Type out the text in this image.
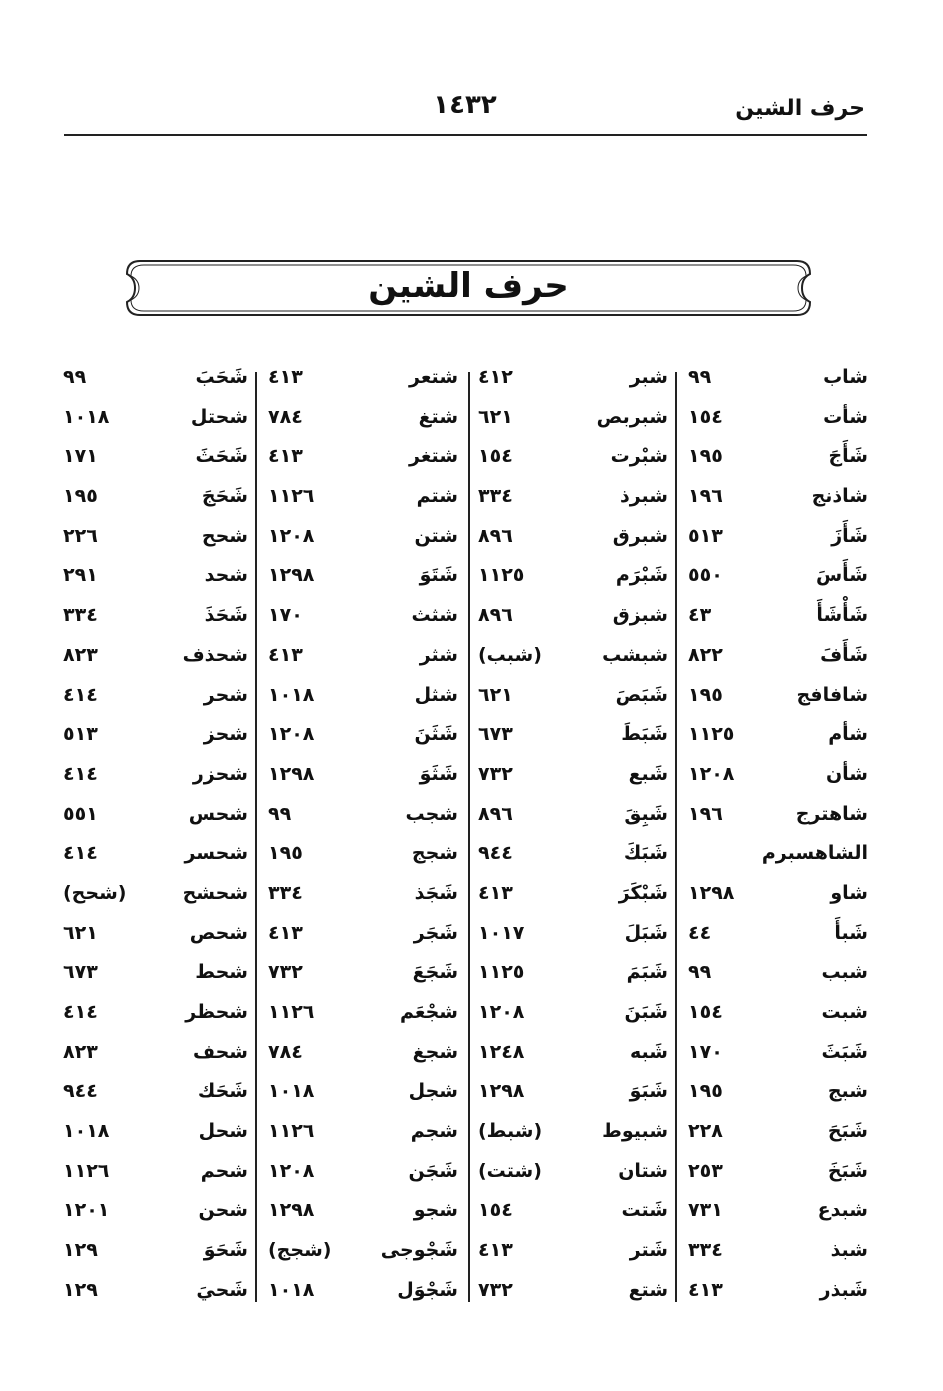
حرف الشين
١٤٣٢
حرف الشين
شاب
٩٩
شأت
١٥٤
شَأَجَ
١٩٥
شاذنج
١٩٦
شَأَزَ
٥١٣
شَأَسَ
٥٥٠
شَأْشَأَ
٤٣
شَأَفَ
٨٢٢
شافافج
١٩٥
شأم
١١٢٥
شأن
١٢٠٨
شاهترج
١٩٦
الشاهسبرم
شاو
١٢٩٨
شَبأَ
٤٤
شبب
٩٩
شبت
١٥٤
شَبَثَ
١٧٠
شبج
١٩٥
شَبَحَ
٢٢٨
شَبَخَ
٢٥٣
شبدع
٧٣١
شبذ
٣٣٤
شَبذر
٤١٣
شبر
٤١٢
شبربص
٦٢١
شبْرت
١٥٤
شبرذ
٣٣٤
شبرق
٨٩٦
شَبْرَم
١١٢٥
شبزق
٨٩٦
شبشب
(شبب)
شَبَصَ
٦٢١
شَبَطَ
٦٧٣
شَبع
٧٣٢
شَبِقَ
٨٩٦
شَبَكَ
٩٤٤
شَبْكَرَ
٤١٣
شَبَلَ
١٠١٧
شَبَمَ
١١٢٥
شَبَنَ
١٢٠٨
شَبه
١٢٤٨
شَبَوَ
١٢٩٨
شبيوط
(شبط)
شتان
(شتت)
شَتت
١٥٤
شَتر
٤١٣
شتع
٧٣٢
شتعر
٤١٣
شتغ
٧٨٤
شتغر
٤١٣
شتم
١١٢٦
شتن
١٢٠٨
شَتَوَ
١٢٩٨
شثث
١٧٠
شثر
٤١٣
شثل
١٠١٨
شَثَنَ
١٢٠٨
شَثَوَ
١٢٩٨
شجب
٩٩
شجج
١٩٥
شَجَذ
٣٣٤
شَجَر
٤١٣
شَجَعَ
٧٣٢
شجْعَم
١١٢٦
شجغ
٧٨٤
شجل
١٠١٨
شجم
١١٢٦
شَجَن
١٢٠٨
شجو
١٢٩٨
شَجْوجى
(شجج)
شَجْوَل
١٠١٨
شَحَبَ
٩٩
شحتل
١٠١٨
شَحَثَ
١٧١
شَحَجَ
١٩٥
شحح
٢٢٦
شحد
٢٩١
شَحَذَ
٣٣٤
شحذف
٨٢٣
شحر
٤١٤
شحز
٥١٣
شحزر
٤١٤
شحس
٥٥١
شحسر
٤١٤
شحشح
(شحح)
شحص
٦٢١
شحط
٦٧٣
شحظر
٤١٤
شحف
٨٢٣
شَحَك
٩٤٤
شحل
١٠١٨
شحم
١١٢٦
شحن
١٢٠١
شَحَوَ
١٢٩
شَحيَ
١٢٩
